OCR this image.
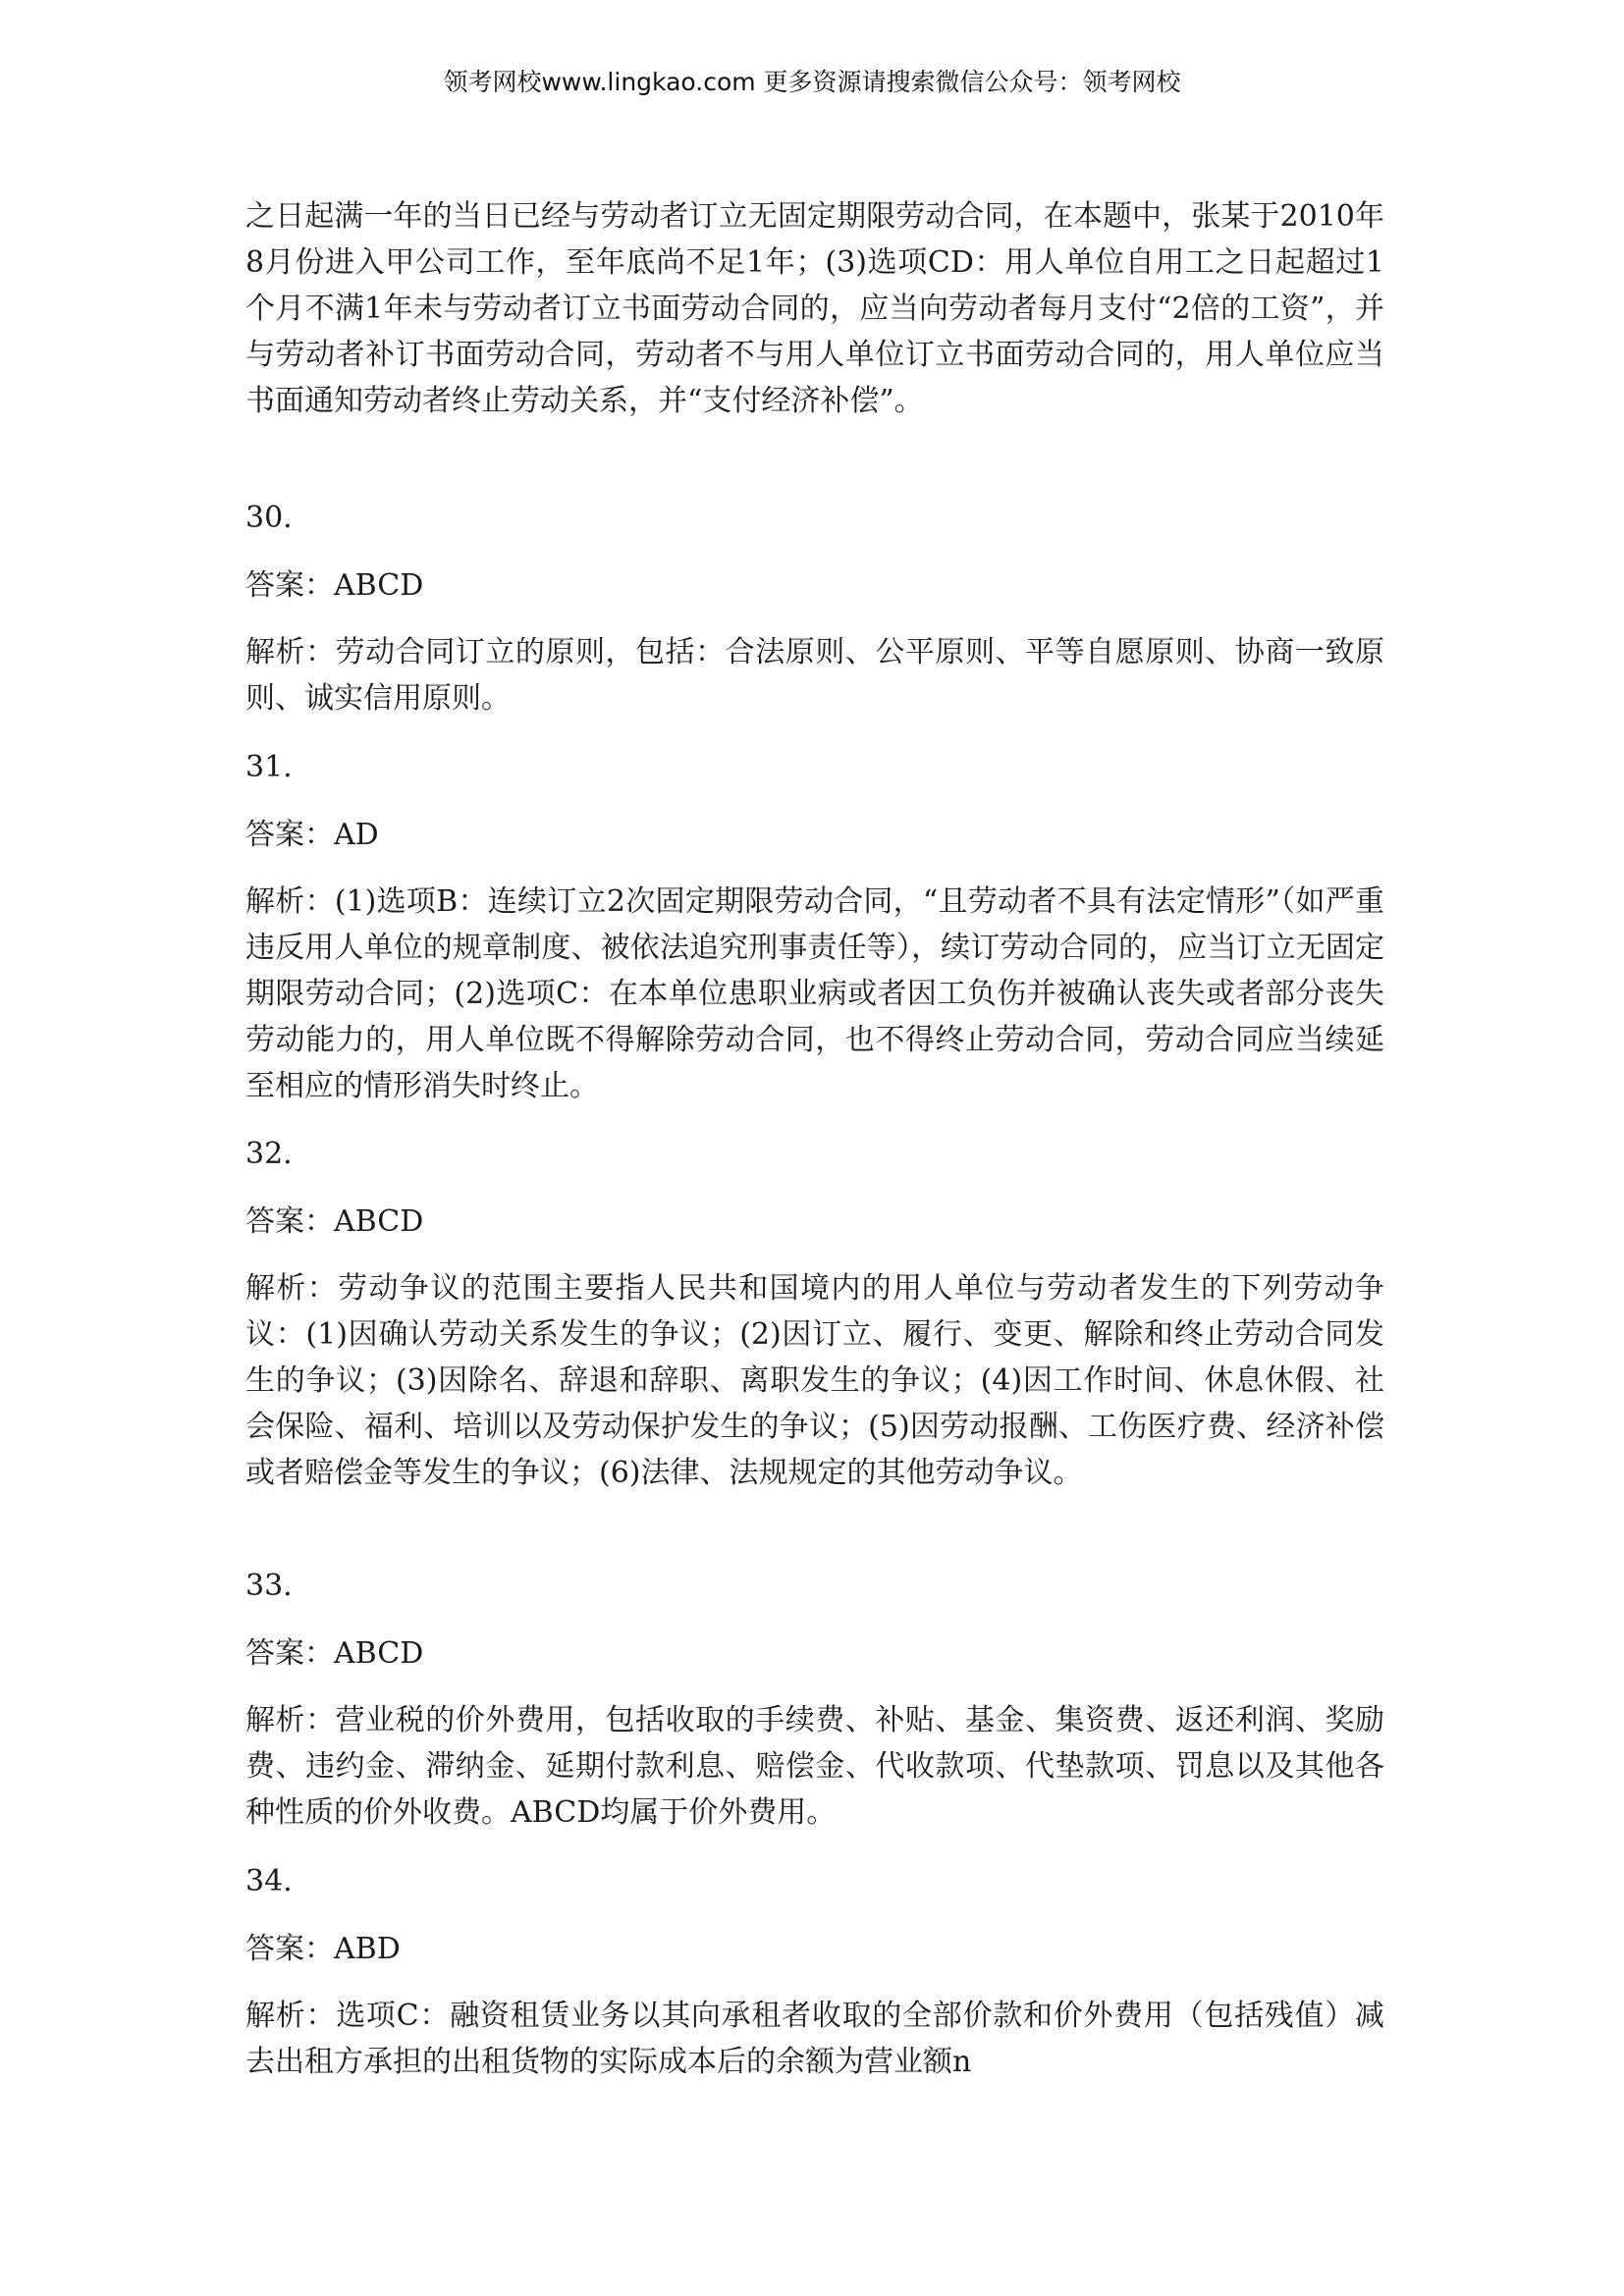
领考网校www.lingkao.com 更多资源请搜索微信公众号：领考网校

之日起满一年的当日已经与劳动者订立无固定期限劳动合同，在本题中，张某于2010年8月份进入甲公司工作，至年底尚不足1年；(3)选项CD：用人单位自用工之日起超过1个月不满1年未与劳动者订立书面劳动合同的，应当向劳动者每月支付“2倍的工资”，并与劳动者补订书面劳动合同，劳动者不与用人单位订立书面劳动合同的，用人单位应当书面通知劳动者终止劳动关系，并“支付经济补偿”。

30.

答案：ABCD

解析：劳动合同订立的原则，包括：合法原则、公平原则、平等自愿原则、协商一致原则、诚实信用原则。

31.

答案：AD

解析：(1)选项B：连续订立2次固定期限劳动合同，“且劳动者不具有法定情形”（如严重违反用人单位的规章制度、被依法追究刑事责任等），续订劳动合同的，应当订立无固定期限劳动合同；(2)选项C：在本单位患职业病或者因工负伤并被确认丧失或者部分丧失劳动能力的，用人单位既不得解除劳动合同，也不得终止劳动合同，劳动合同应当续延至相应的情形消失时终止。

32.

答案：ABCD

解析：劳动争议的范围主要指人民共和国境内的用人单位与劳动者发生的下列劳动争议：(1)因确认劳动关系发生的争议；(2)因订立、履行、变更、解除和终止劳动合同发生的争议；(3)因除名、辞退和辞职、离职发生的争议；(4)因工作时间、休息休假、社会保险、福利、培训以及劳动保护发生的争议；(5)因劳动报酬、工伤医疗费、经济补偿或者赔偿金等发生的争议；(6)法律、法规规定的其他劳动争议。

33.

答案：ABCD

解析：营业税的价外费用，包括收取的手续费、补贴、基金、集资费、返还利润、奖励费、违约金、滞纳金、延期付款利息、赔偿金、代收款项、代垫款项、罚息以及其他各种性质的价外收费。ABCD均属于价外费用。

34.

答案：ABD

解析：选项C：融资租赁业务以其向承租者收取的全部价款和价外费用（包括残值）减去出租方承担的出租货物的实际成本后的余额为营业额n
